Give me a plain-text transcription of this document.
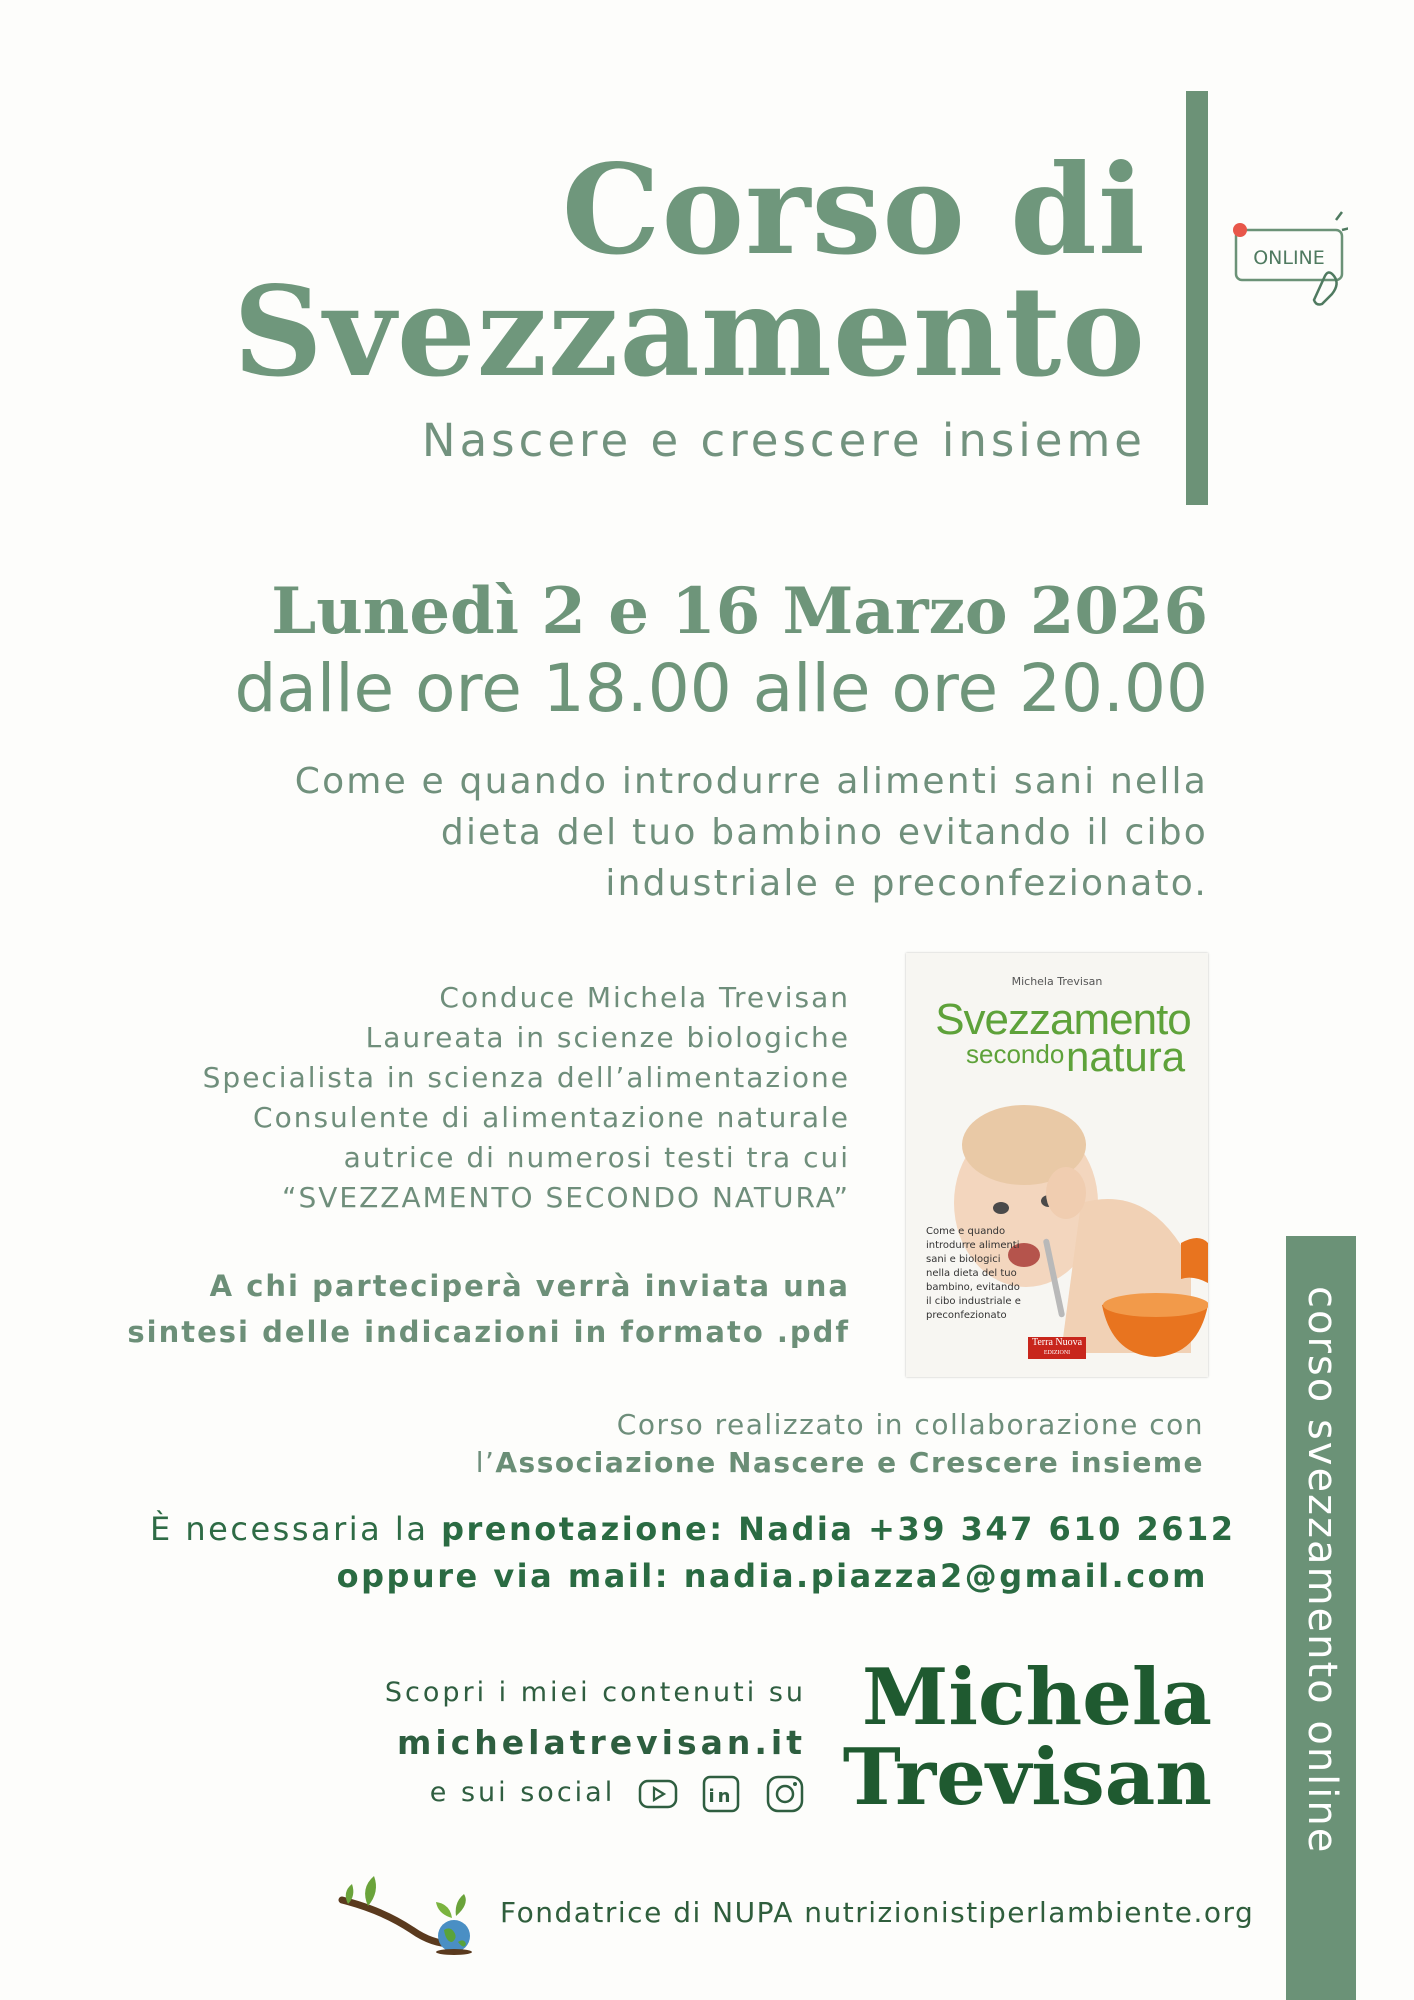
Corso di
Svezzamento
Nascere e crescere insieme
ONLINE
Lunedì 2 e 16 Marzo 2026
dalle ore 18.00 alle ore 20.00
Come e quando introdurre alimenti sani nella
dieta del tuo bambino evitando il cibo
industriale e preconfezionato.
Conduce Michela Trevisan
Laureata in scienze biologiche
Specialista in scienza dell’alimentazione
Consulente di alimentazione naturale
autrice di numerosi testi tra cui
“SVEZZAMENTO SECONDO NATURA”
A chi parteciperà verrà inviata una
sintesi delle indicazioni in formato .pdf
Michela Trevisan
Svezzamento
secondo natura
Come e quando introdurre alimenti sani e biologici nella dieta del tuo bambino, evitando il cibo industriale e preconfezionato
Terra Nuova
EDIZIONI
Corso realizzato in collaborazione con
l’Associazione Nascere e Crescere insieme
È necessaria la prenotazione: Nadia +39 347 610 2612
oppure via mail: nadia.piazza2@gmail.com
Scopri i miei contenuti su
michelatrevisan.it
e sui social	in

Michela
Trevisan
Fondatrice di NUPA nutrizionistiperlambiente.org
corso svezzamento online
